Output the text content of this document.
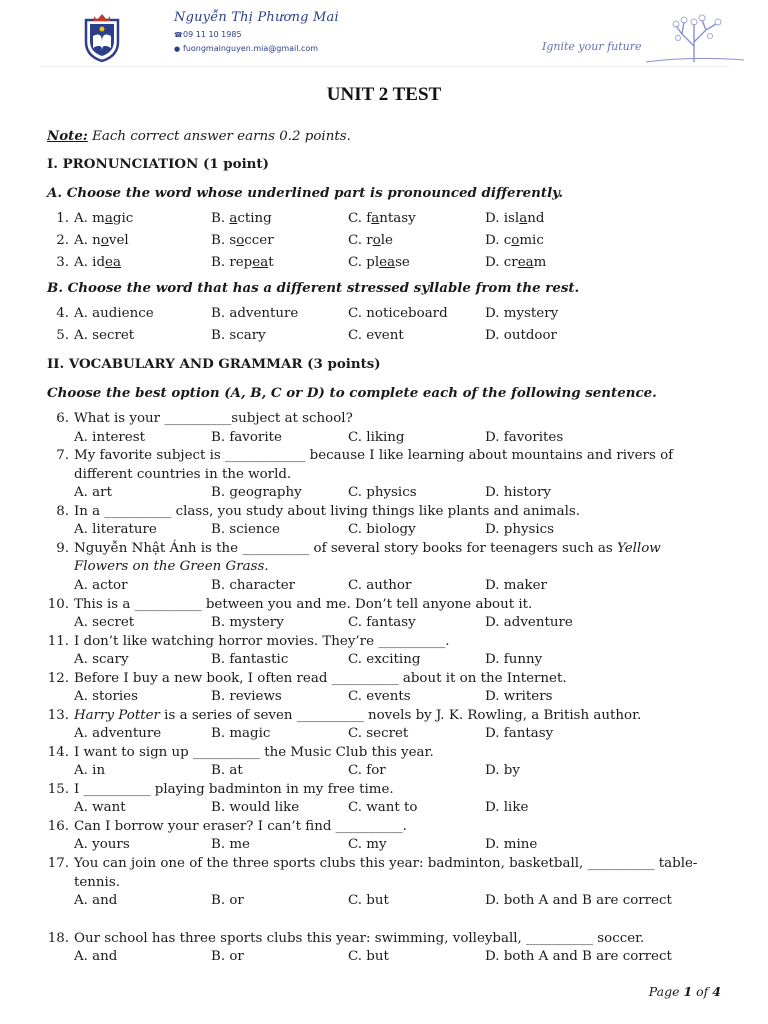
Nguyễn Thị Phương Mai
☎09 11 10 1985
● fuongmainguyen.mia@gmail.com	Ignite your future
UNIT 2 TEST
Note: Each correct answer earns 0.2 points.
I. PRONUNCIATION (1 point)
A. Choose the word whose underlined part is pronounced differently.
1. A. magic	B. acting	C. fantasy	D. island
2. A. novel	B. soccer	C. role	D. comic
3. A. idea	B. repeat	C. please	D. cream
B. Choose the word that has a different stressed syllable from the rest.
4. A. audience	B. adventure	C. noticeboard	D. mystery
5. A. secret	B. scary	C. event	D. outdoor
II. VOCABULARY AND GRAMMAR (3 points)
Choose the best option (A, B, C or D) to complete each of the following sentence.
6. What is your __________subject at school?
A. interest	B. favorite	C. liking	D. favorites
7. My favorite subject is ____________ because I like learning about mountains and rivers of
different countries in the world.
A. art	B. geography	C. physics	D. history
8. In a __________ class, you study about living things like plants and animals.
A. literature	B. science	C. biology	D. physics
9. Nguyễn Nhật Ánh is the __________ of several story books for teenagers such as Yellow
Flowers on the Green Grass.
A. actor	B. character	C. author	D. maker
10. This is a __________ between you and me. Don’t tell anyone about it.
A. secret	B. mystery	C. fantasy	D. adventure
11. I don’t like watching horror movies. They’re __________.
A. scary	B. fantastic	C. exciting	D. funny
12. Before I buy a new book, I often read __________ about it on the Internet.
A. stories	B. reviews	C. events	D. writers
13. Harry Potter is a series of seven __________ novels by J. K. Rowling, a British author.
A. adventure	B. magic	C. secret	D. fantasy
14. I want to sign up __________ the Music Club this year.
A. in	B. at	C. for	D. by
15. I __________ playing badminton in my free time.
A. want	B. would like	C. want to	D. like
16. Can I borrow your eraser? I can’t find __________.
A. yours	B. me	C. my	D. mine
17. You can join one of the three sports clubs this year: badminton, basketball, __________ table-
tennis.
A. and	B. or	C. but	D. both A and B are correct
18. Our school has three sports clubs this year: swimming, volleyball, __________ soccer.
A. and	B. or	C. but	D. both A and B are correct
Page 1 of 4
